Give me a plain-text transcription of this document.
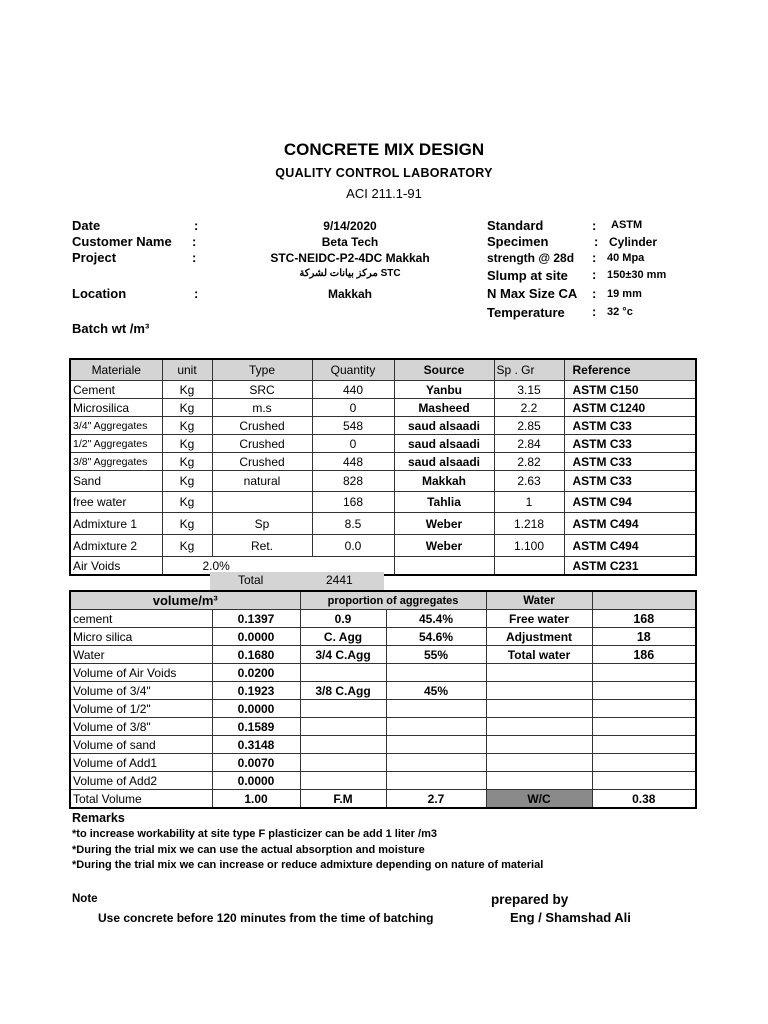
CONCRETE MIX DESIGN
QUALITY CONTROL LABORATORY
ACI 211.1-91
Date	:	9/14/2020
Customer Name :	Beta Tech
Project	:	STC-NEIDC-P2-4DC Makkah
مركز بيانات لشركة STC
Location	:	Makkah
Standard	: ASTM
Specimen	: Cylinder
strength @ 28d : 40 Mpa
Slump at site : 150±30 mm
N Max Size CA : 19 mm
Temperature : 32 °c
Batch wt /m³
Materiale	unit	Type	Quantity	Source	Sp . Gr	Reference
Cement	Kg	SRC	440	Yanbu	3.15	ASTM C150
Microsilica	Kg	m.s	0	Masheed	2.2	ASTM C1240
3/4" Aggregates	Kg	Crushed	548	saud alsaadi	2.85	ASTM C33
1/2" Aggregates	Kg	Crushed	0	saud alsaadi	2.84	ASTM C33
3/8" Aggregates	Kg	Crushed	448	saud alsaadi	2.82	ASTM C33
Sand	Kg	natural	828	Makkah	2.63	ASTM C33
free water	Kg		168	Tahlia	1	ASTM C94
Admixture 1	Kg	Sp	8.5	Weber	1.218	ASTM C494
Admixture 2	Kg	Ret.	0.0	Weber	1.100	ASTM C494
Air Voids	2.0%					ASTM C231
Total	2441
volume/m³		proportion of aggregates		Water	
cement	0.1397	0.9	45.4%	Free water	168
Micro silica	0.0000	C. Agg	54.6%	Adjustment	18
Water	0.1680	3/4 C.Agg	55%	Total water	186
Volume of Air Voids	0.0200				
Volume of 3/4"	0.1923	3/8 C.Agg	45%		
Volume of 1/2"	0.0000				
Volume of 3/8"	0.1589				
Volume of sand	0.3148				
Volume of Add1	0.0070				
Volume of Add2	0.0000				
Total Volume	1.00	F.M	2.7	W/C	0.38
Remarks
*to increase workability at site type F plasticizer can be add 1 liter /m3
*During the trial mix we can use the actual absorption and moisture
*During the trial mix we can increase or reduce admixture depending on nature of material
Note
Use concrete before 120 minutes from the time of batching
prepared by
Eng / Shamshad Ali
